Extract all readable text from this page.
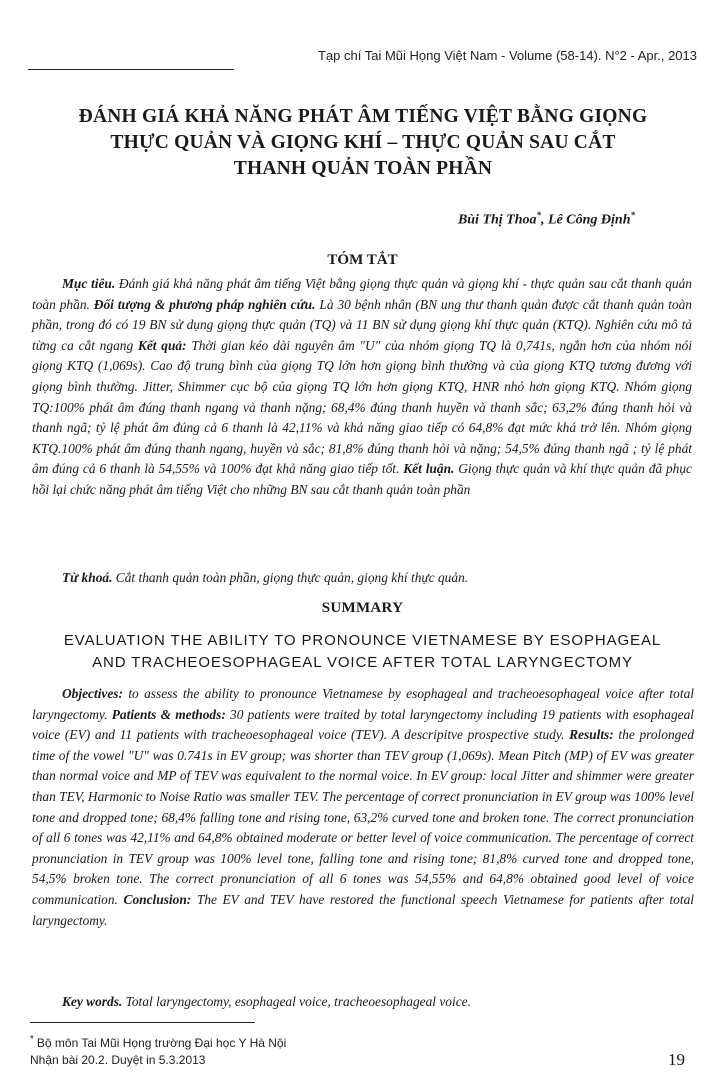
Tạp chí Tai Mũi Họng Việt Nam - Volume (58-14). N°2 - Apr., 2013
ĐÁNH GIÁ KHẢ NĂNG PHÁT ÂM TIẾNG VIỆT BẰNG GIỌNG
THỰC QUẢN VÀ GIỌNG KHÍ – THỰC QUẢN SAU CẮT
THANH QUẢN TOÀN PHẦN
Bùi Thị Thoa*, Lê Công Định*
TÓM TẮT
Mục tiêu. Đánh giá khả năng phát âm tiếng Việt bằng giọng thực quản và giọng khí - thực quản sau cắt thanh quản toàn phần. Đối tượng & phương pháp nghiên cứu. Là 30 bệnh nhân (BN ung thư thanh quản được cắt thanh quản toàn phần, trong đó có 19 BN sử dụng giọng thực quản (TQ) và 11 BN sử dụng giọng khí thực quản (KTQ). Nghiên cứu mô tả từng ca cắt ngang Kết quả: Thời gian kéo dài nguyên âm "U" của nhóm giọng TQ là 0,741s, ngắn hơn của nhóm nói giọng KTQ (1,069s). Cao độ trung bình của giọng TQ lớn hơn giọng bình thường và của giọng KTQ tương đương với giọng bình thường. Jitter, Shimmer cục bộ của giọng TQ lớn hơn giọng KTQ, HNR nhỏ hơn giọng KTQ. Nhóm giọng TQ:100% phát âm đúng thanh ngang và thanh nặng; 68,4% đúng thanh huyền và thanh sắc; 63,2% đúng thanh hỏi và thanh ngã; tỷ lệ phát âm đúng cả 6 thanh là 42,11% và khả năng giao tiếp có 64,8% đạt mức khá trở lên. Nhóm giọng KTQ.100% phát âm đúng thanh ngang, huyền và sắc; 81,8% đúng thanh hỏi và nặng; 54,5% đúng thanh ngã ; tỷ lệ phát âm đúng cả 6 thanh là 54,55% và 100% đạt khả năng giao tiếp tốt. Kết luận. Giọng thực quản và khí thực quản đã phục hồi lại chức năng phát âm tiếng Việt cho những BN sau cắt thanh quản toàn phần
Từ khoá. Cắt thanh quản toàn phần, giọng thực quản, giọng khí thực quản.
SUMMARY
EVALUATION THE ABILITY TO PRONOUNCE VIETNAMESE BY ESOPHAGEAL
AND TRACHEOESOPHAGEAL VOICE AFTER TOTAL LARYNGECTOMY
Objectives: to assess the ability to pronounce Vietnamese by esophageal and tracheoesophageal voice after total laryngectomy. Patients & methods: 30 patients were traited by total laryngectomy including 19 patients with esophageal voice (EV) and 11 patients with tracheoesophageal voice (TEV). A descripitve prospective study. Results: the prolonged time of the vowel "U" was 0.741s in EV group; was shorter than TEV group (1,069s). Mean Pitch (MP) of EV was greater than normal voice and MP of TEV was equivalent to the normal voice. In EV group: local Jitter and shimmer were greater than TEV, Harmonic to Noise Ratio was smaller TEV. The percentage of correct pronunciation in EV group was 100% level tone and dropped tone; 68,4% falling tone and rising tone, 63,2% curved tone and broken tone. The correct pronunciation of all 6 tones was 42,11% and 64,8% obtained moderate or better level of voice communication. The percentage of correct pronunciation in TEV group was 100% level tone, falling tone and rising tone; 81,8% curved tone and dropped tone, 54,5% broken tone. The correct pronunciation of all 6 tones was 54,55% and 64,8% obtained good level of voice communication. Conclusion: The EV and TEV have restored the functional speech Vietnamese for patients after total laryngectomy.
Key words. Total laryngectomy, esophageal voice, tracheoesophageal voice.
* Bộ môn Tai Mũi Họng trường Đại học Y Hà Nội
Nhận bài 20.2. Duyệt in 5.3.2013	19
